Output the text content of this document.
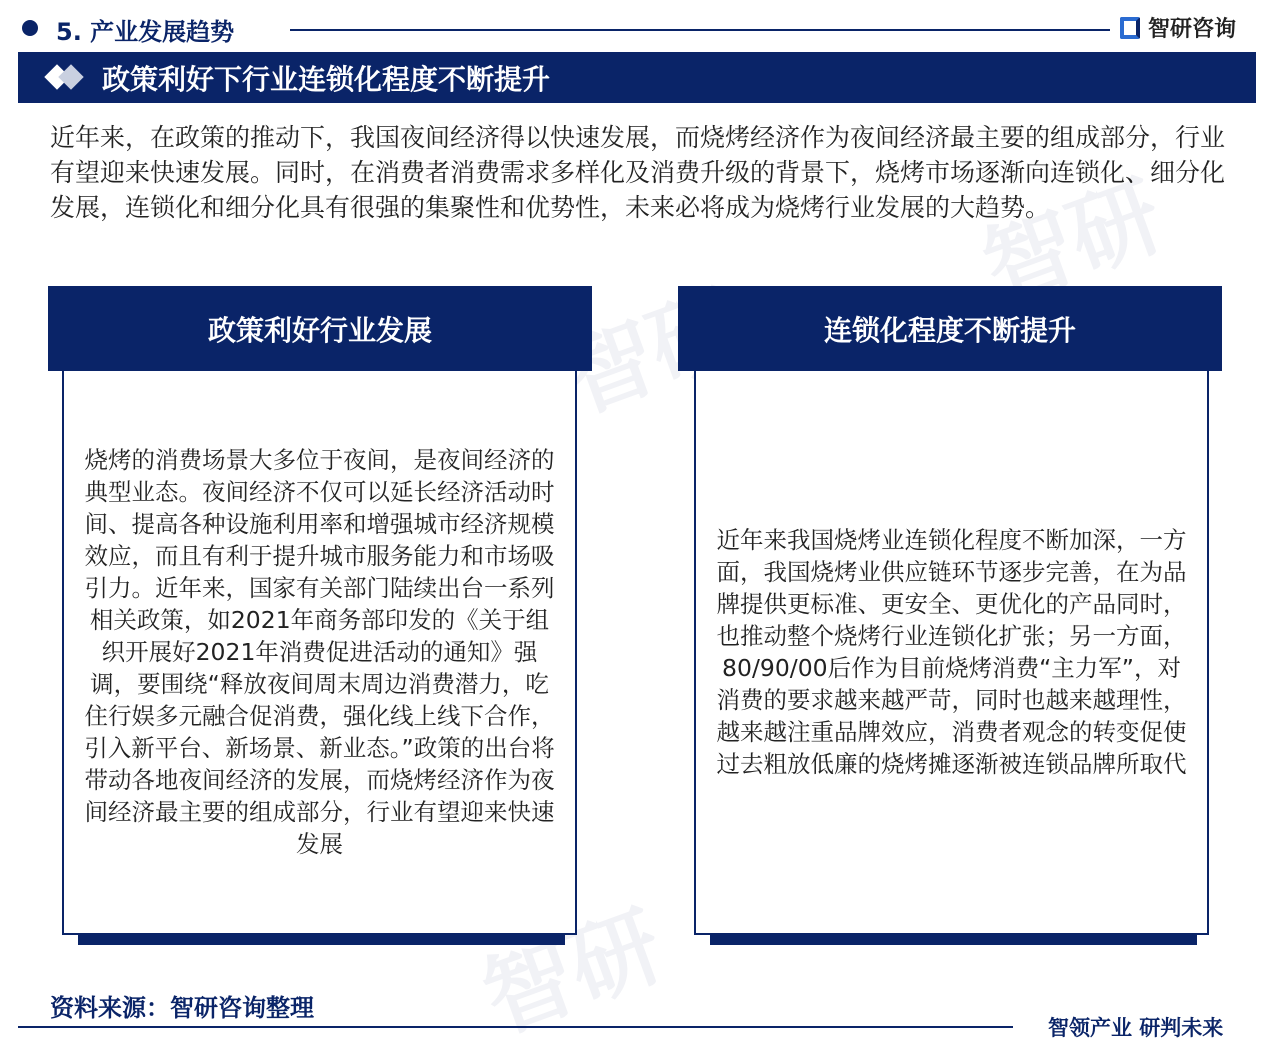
智研
智研
智研
5. 产业发展趋势	智研咨询
政策利好下行业连锁化程度不断提升
近年来，在政策的推动下，我国夜间经济得以快速发展，而烧烤经济作为夜间经济最主要的组成部分，行业有望迎来快速发展。同时，在消费者消费需求多样化及消费升级的背景下，烧烤市场逐渐向连锁化、细分化发展，连锁化和细分化具有很强的集聚性和优势性，未来必将成为烧烤行业发展的大趋势。
政策利好行业发展
烧烤的消费场景大多位于夜间，是夜间经济的典型业态。夜间经济不仅可以延长经济活动时间、提高各种设施利用率和增强城市经济规模效应，而且有利于提升城市服务能力和市场吸引力。近年来，国家有关部门陆续出台一系列相关政策，如2021年商务部印发的《关于组织开展好2021年消费促进活动的通知》强调，要围绕“释放夜间周末周边消费潜力，吃住行娱多元融合促消费，强化线上线下合作，引入新平台、新场景、新业态。”政策的出台将带动各地夜间经济的发展，而烧烤经济作为夜间经济最主要的组成部分，行业有望迎来快速发展
连锁化程度不断提升
近年来我国烧烤业连锁化程度不断加深，一方面，我国烧烤业供应链环节逐步完善，在为品牌提供更标准、更安全、更优化的产品同时，也推动整个烧烤行业连锁化扩张；另一方面，80/90/00后作为目前烧烤消费“主力军”，对消费的要求越来越严苛，同时也越来越理性，越来越注重品牌效应，消费者观念的转变促使过去粗放低廉的烧烤摊逐渐被连锁品牌所取代
资料来源：智研咨询整理
智领产业 研判未来
